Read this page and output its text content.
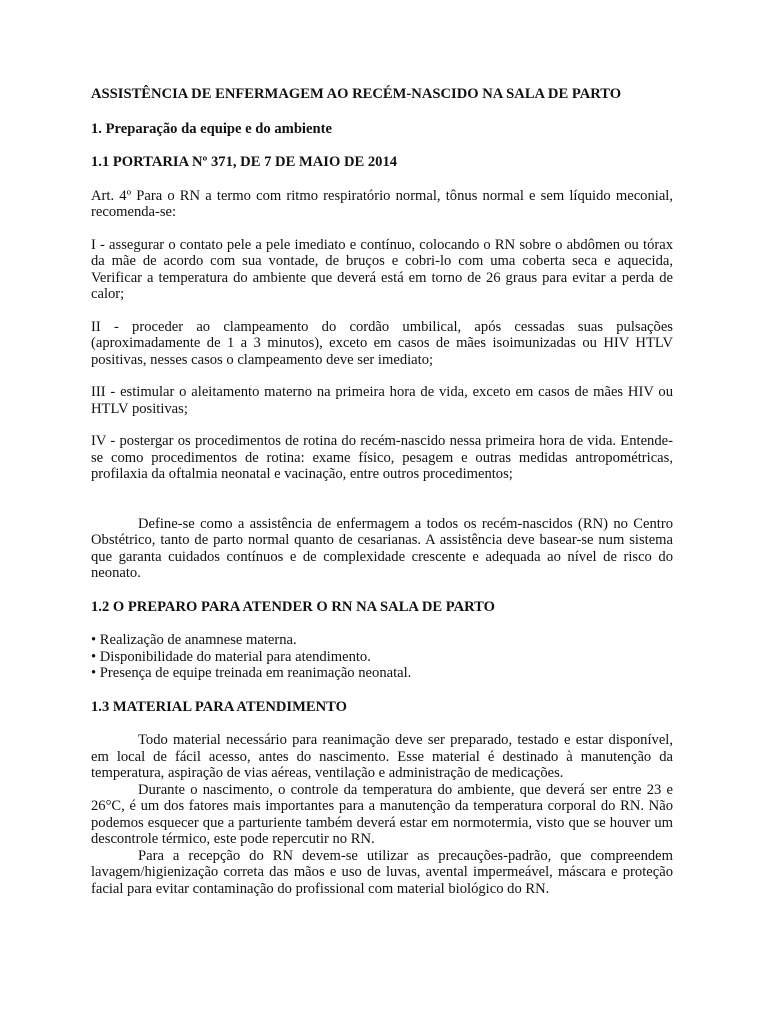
ASSISTÊNCIA DE ENFERMAGEM AO RECÉM-NASCIDO NA SALA DE PARTO

1. Preparação da equipe e do ambiente

1.1 PORTARIA Nº 371, DE 7 DE MAIO DE 2014

Art. 4º Para o RN a termo com ritmo respiratório normal, tônus normal e sem líquido meconial, recomenda-se:

I - assegurar o contato pele a pele imediato e contínuo, colocando o RN sobre o abdômen ou tórax da mãe de acordo com sua vontade, de bruços e cobri-lo com uma coberta seca e aquecida, Verificar a temperatura do ambiente que deverá está em torno de 26 graus para evitar a perda de calor;

II - proceder ao clampeamento do cordão umbilical, após cessadas suas pulsações (aproximadamente de 1 a 3 minutos), exceto em casos de mães isoimunizadas ou HIV HTLV positivas, nesses casos o clampeamento deve ser imediato;

III - estimular o aleitamento materno na primeira hora de vida, exceto em casos de mães HIV ou HTLV positivas;

IV - postergar os procedimentos de rotina do recém-nascido nessa primeira hora de vida. Entende-se como procedimentos de rotina: exame físico, pesagem e outras medidas antropométricas, profilaxia da oftalmia neonatal e vacinação, entre outros procedimentos;

Define-se como a assistência de enfermagem a todos os recém-nascidos (RN) no Centro Obstétrico, tanto de parto normal quanto de cesarianas. A assistência deve basear-se num sistema que garanta cuidados contínuos e de complexidade crescente e adequada ao nível de risco do neonato.

1.2 O PREPARO PARA ATENDER O RN NA SALA DE PARTO

• Realização de anamnese materna.
• Disponibilidade do material para atendimento.
• Presença de equipe treinada em reanimação neonatal.

1.3 MATERIAL PARA ATENDIMENTO

Todo material necessário para reanimação deve ser preparado, testado e estar disponível, em local de fácil acesso, antes do nascimento. Esse material é destinado à manutenção da temperatura, aspiração de vias aéreas, ventilação e administração de medicações.

Durante o nascimento, o controle da temperatura do ambiente, que deverá ser entre 23 e 26°C, é um dos fatores mais importantes para a manutenção da temperatura corporal do RN. Não podemos esquecer que a parturiente também deverá estar em normotermia, visto que se houver um descontrole térmico, este pode repercutir no RN.

Para a recepção do RN devem-se utilizar as precauções-padrão, que compreendem lavagem/higienização correta das mãos e uso de luvas, avental impermeável, máscara e proteção facial para evitar contaminação do profissional com material biológico do RN.
